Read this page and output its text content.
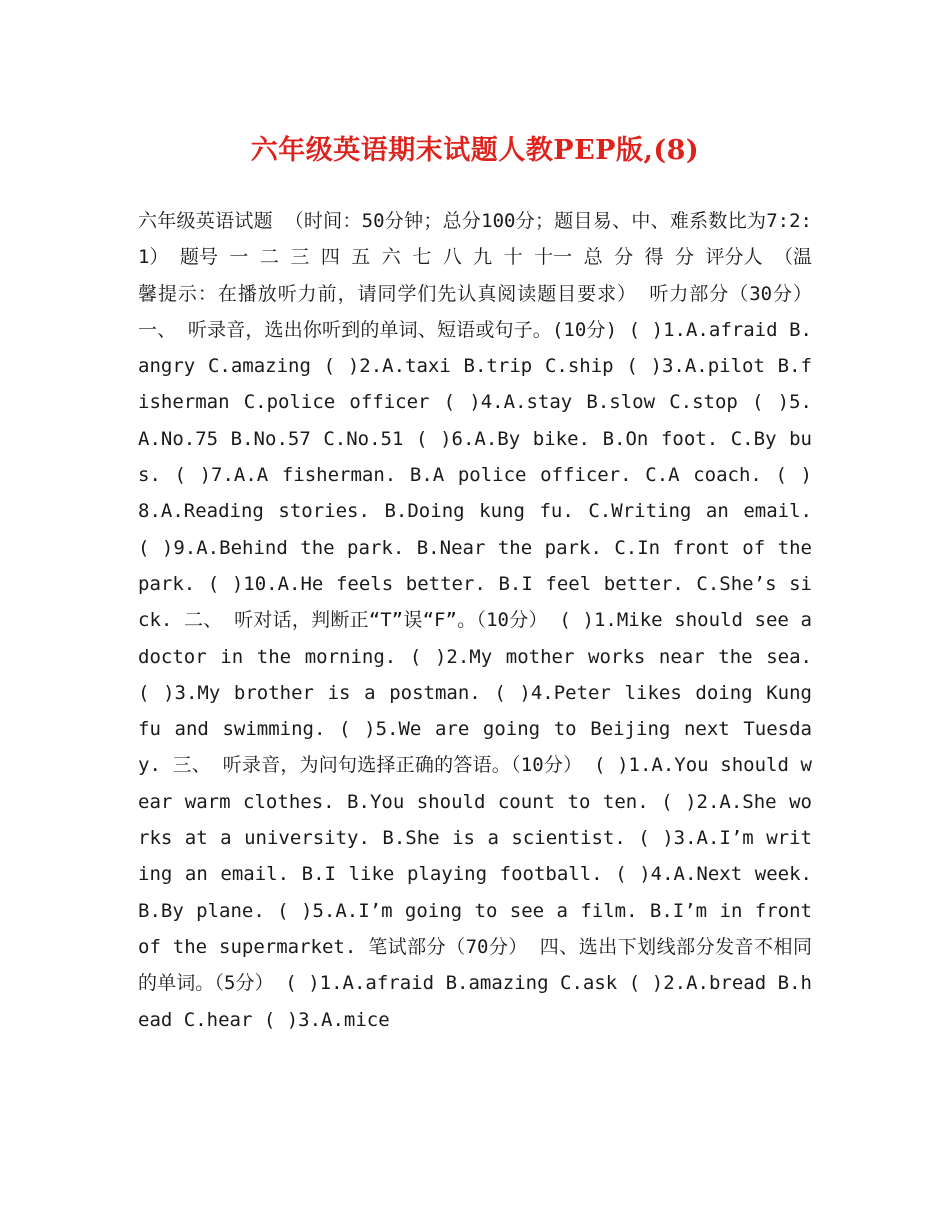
六年级英语期末试题人教PEP版,(8)
六年级英语试题 （时间：50分钟；总分100分；题目易、中、难系数比为7:2:1） 题号 一 二 三 四 五 六 七 八 九 十 十一 总 分 得 分 评分人 （温馨提示：在播放听力前，请同学们先认真阅读题目要求） 听力部分（30分） 一、 听录音，选出你听到的单词、短语或句子。(10分) ( )1.A.afraid B.angry C.amazing ( )2.A.taxi B.trip C.ship ( )3.A.pilot B.fisherman C.police officer ( )4.A.stay B.slow C.stop ( )5.A.No.75 B.No.57 C.No.51 ( )6.A.By bike. B.On foot. C.By bus. ( )7.A.A fisherman. B.A police officer. C.A coach. ( )8.A.Reading stories. B.Doing kung fu. C.Writing an email. ( )9.A.Behind the park. B.Near the park. C.In front of the park. ( )10.A.He feels better. B.I feel better. C.She’s sick. 二、 听对话，判断正“T”误“F”。（10分） ( )1.Mike should see a doctor in the morning. ( )2.My mother works near the sea. ( )3.My brother is a postman. ( )4.Peter likes doing Kung fu and swimming. ( )5.We are going to Beijing next Tuesday. 三、 听录音，为问句选择正确的答语。（10分） ( )1.A.You should wear warm clothes. B.You should count to ten. ( )2.A.She works at a university. B.She is a scientist. ( )3.A.I’m writing an email. B.I like playing football. ( )4.A.Next week. B.By plane. ( )5.A.I’m going to see a film. B.I’m in front of the supermarket. 笔试部分（70分） 四、选出下划线部分发音不相同的单词。（5分） ( )1.A.afraid B.amazing C.ask ( )2.A.bread B.head C.hear ( )3.A.mice
